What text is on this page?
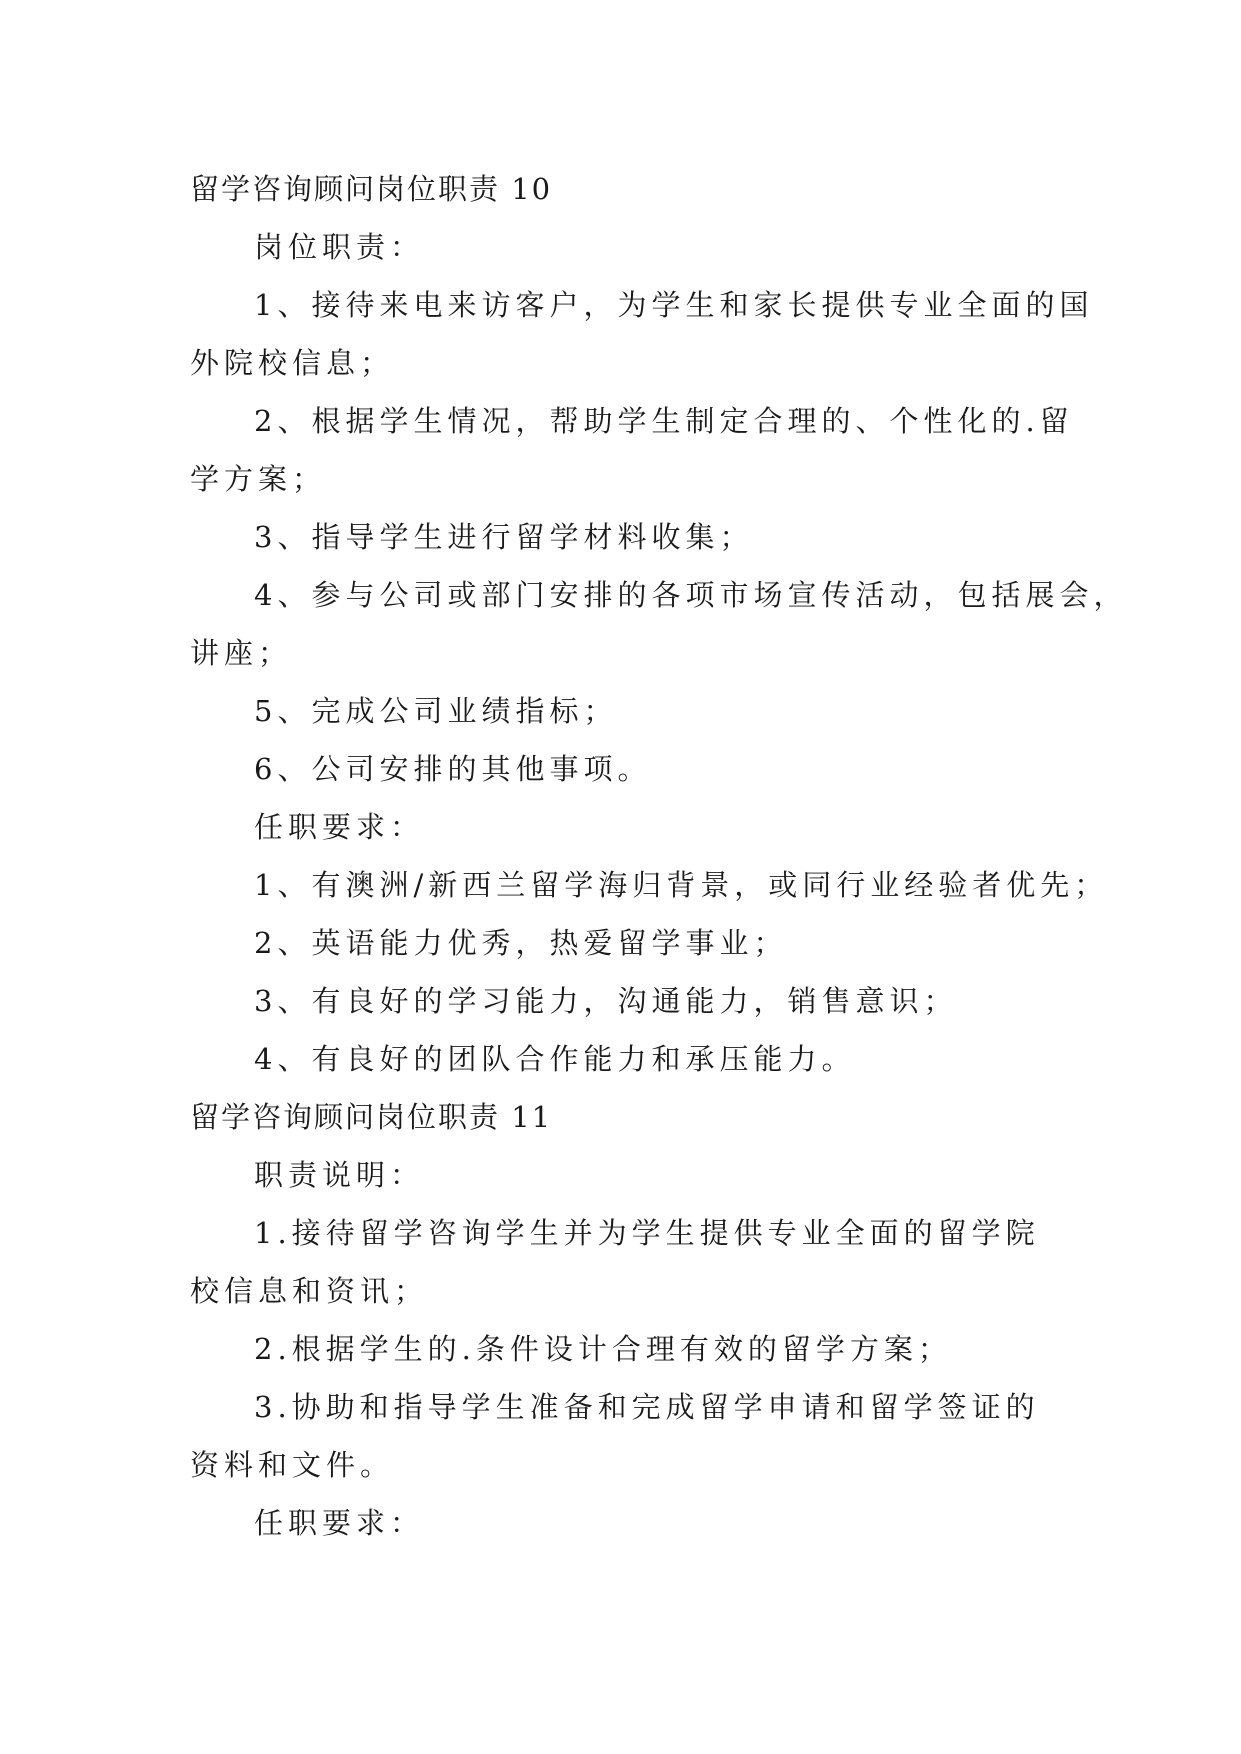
留学咨询顾问岗位职责 10

岗位职责：

1、接待来电来访客户，为学生和家长提供专业全面的国

外院校信息；

2、根据学生情况，帮助学生制定合理的、个性化的.留

学方案；

3、指导学生进行留学材料收集；

4、参与公司或部门安排的各项市场宣传活动，包括展会，

讲座；

5、完成公司业绩指标；

6、公司安排的其他事项。

任职要求：

1、有澳洲/新西兰留学海归背景，或同行业经验者优先；

2、英语能力优秀，热爱留学事业；

3、有良好的学习能力，沟通能力，销售意识；

4、有良好的团队合作能力和承压能力。

留学咨询顾问岗位职责 11

职责说明：

1.接待留学咨询学生并为学生提供专业全面的留学院

校信息和资讯；

2.根据学生的.条件设计合理有效的留学方案；

3.协助和指导学生准备和完成留学申请和留学签证的

资料和文件。

任职要求：
